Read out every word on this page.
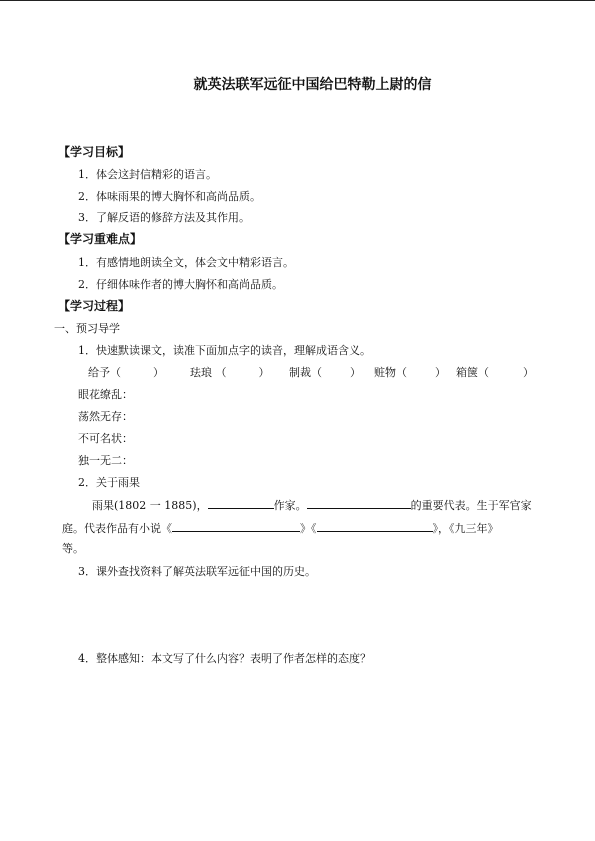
就英法联军远征中国给巴特勒上尉的信
【学习目标】
1．体会这封信精彩的语言。
2．体味雨果的博大胸怀和高尚品质。
3．了解反语的修辞方法及其作用。
【学习重难点】
1．有感情地朗读全文，体会文中精彩语言。
2．仔细体味作者的博大胸怀和高尚品质。
【学习过程】
一、预习导学
1．快速默读课文，读准下面加点字的读音，理解成语含义。
给予（	） 珐琅 （	） 制裁（	） 赃物（	） 箱箧（	）
眼花缭乱：
荡然无存：
不可名状：
独一无二：
2．关于雨果
雨果(1802 一 1885)，	作家。	的重要代表。生于军官家
庭。代表作品有小说《	》《	》，《九三年》
等。
3．课外查找资料了解英法联军远征中国的历史。
4．整体感知：本文写了什么内容？表明了作者怎样的态度？
